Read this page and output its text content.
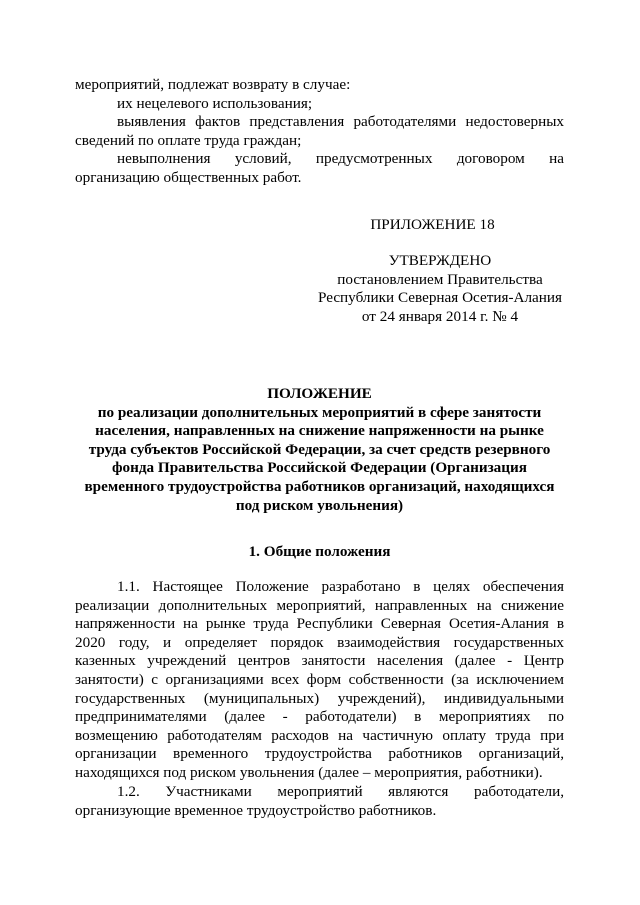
мероприятий, подлежат возврату в случае:
их нецелевого использования;
выявления фактов представления работодателями недостоверных
сведений по оплате труда граждан;
невыполнения условий, предусмотренных договором на
организацию общественных работ.
ПРИЛОЖЕНИЕ 18
УТВЕРЖДЕНО
постановлением Правительства
Республики Северная Осетия-Алания
от 24 января 2014 г. № 4
ПОЛОЖЕНИЕ
по реализации дополнительных мероприятий в сфере занятости
населения, направленных на снижение напряженности на рынке
труда субъектов Российской Федерации, за счет средств резервного
фонда Правительства Российской Федерации (Организация
временного трудоустройства работников организаций, находящихся
под риском увольнения)
1. Общие положения
1.1. Настоящее Положение разработано в целях обеспечения
реализации дополнительных мероприятий, направленных на снижение
напряженности на рынке труда Республики Северная Осетия-Алания в
2020 году, и определяет порядок взаимодействия государственных
казенных учреждений центров занятости населения (далее - Центр
занятости) с организациями всех форм собственности (за исключением
государственных (муниципальных) учреждений), индивидуальными
предпринимателями (далее - работодатели) в мероприятиях по
возмещению работодателям расходов на частичную оплату труда при
организации временного трудоустройства работников организаций,
находящихся под риском увольнения (далее – мероприятия, работники).
1.2. Участниками мероприятий являются работодатели,
организующие временное трудоустройство работников.
